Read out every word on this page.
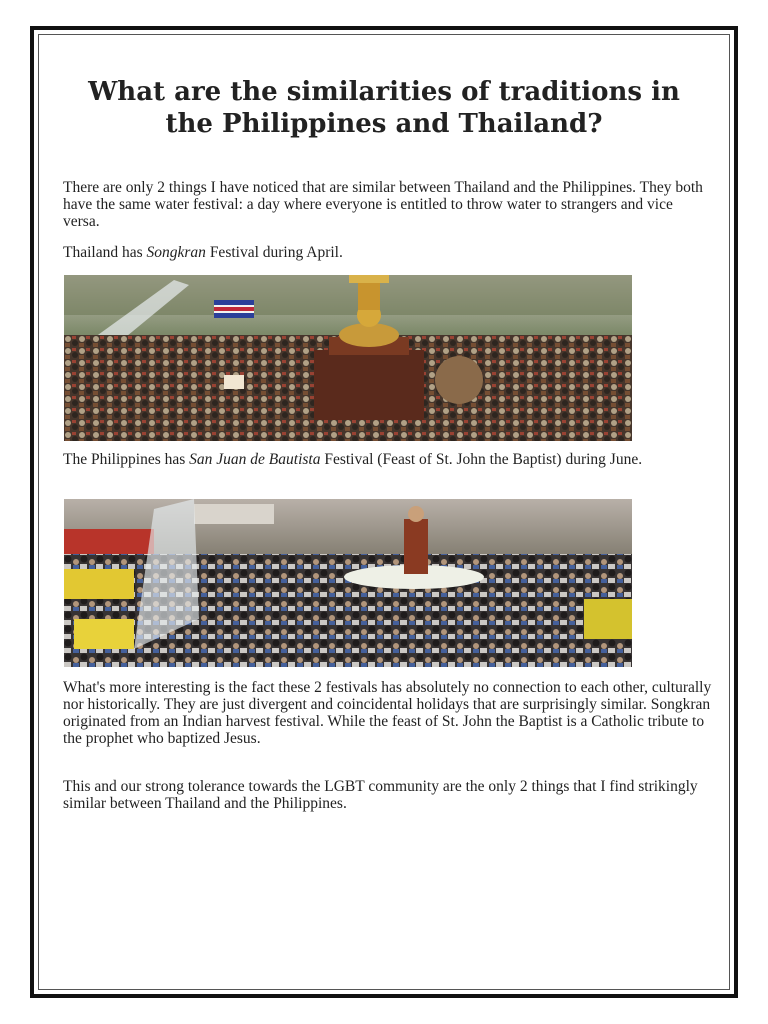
What are the similarities of traditions in the Philippines and Thailand?

There are only 2 things I have noticed that are similar between Thailand and the Philippines. They both have the same water festival: a day where everyone is entitled to throw water to strangers and vice versa.

Thailand has Songkran Festival during April.

The Philippines has San Juan de Bautista Festival (Feast of St. John the Baptist) during June.

What's more interesting is the fact these 2 festivals has absolutely no connection to each other, culturally nor historically. They are just divergent and coincidental holidays that are surprisingly similar. Songkran originated from an Indian harvest festival. While the feast of St. John the Baptist is a Catholic tribute to the prophet who baptized Jesus.

This and our strong tolerance towards the LGBT community are the only 2 things that I find strikingly similar between Thailand and the Philippines.
